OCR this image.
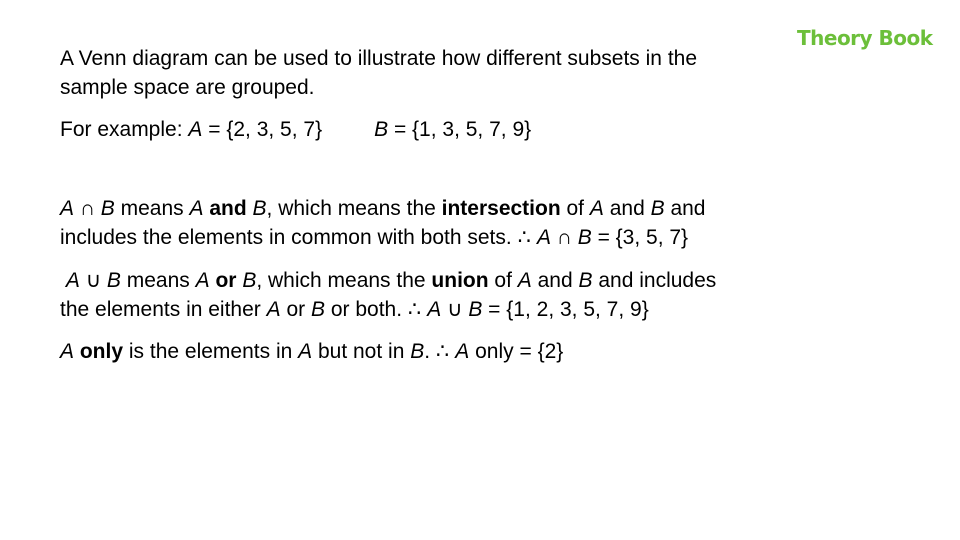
Theory Book
A Venn diagram can be used to illustrate how different subsets in the
sample space are grouped.
For example: A = {2, 3, 5, 7} B = {1, 3, 5, 7, 9}
A ∩ B means A and B, which means the intersection of A and B and
includes the elements in common with both sets. ∴ A ∩ B = {3, 5, 7}
A ∪ B means A or B, which means the union of A and B and includes
the elements in either A or B or both. ∴ A ∪ B = {1, 2, 3, 5, 7, 9}
A only is the elements in A but not in B. ∴ A only = {2}
